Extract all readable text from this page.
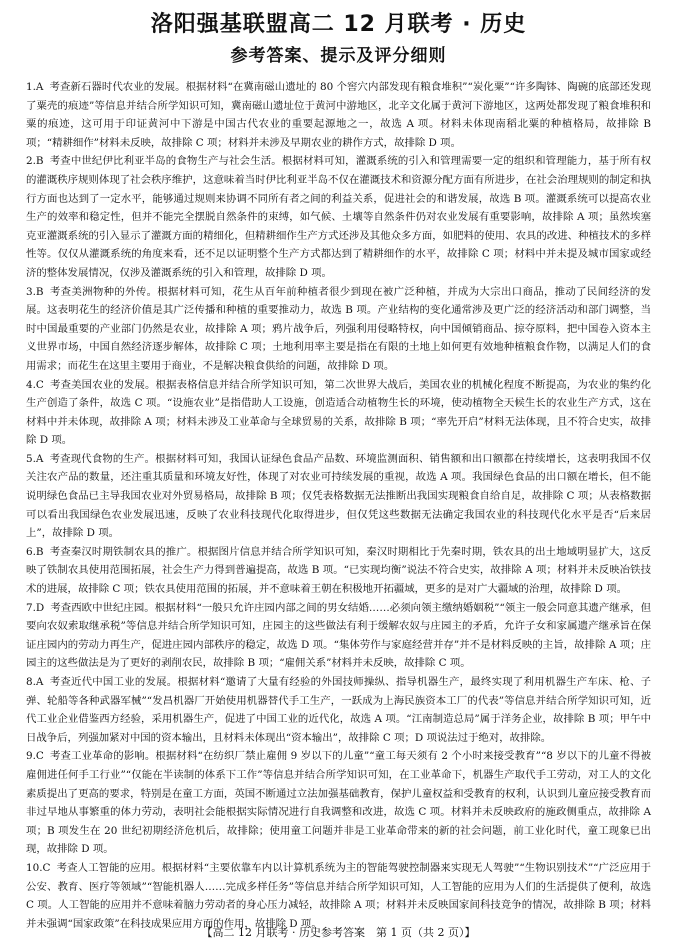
洛阳强基联盟高二 12 月联考 · 历史
参考答案、提示及评分细则

1.A 考查新石器时代农业的发展。根据材料“在冀南磁山遗址的 80 个窖穴内部发现有粮食堆积”“炭化粟”“许多陶钵、陶碗的底部还发现了粟壳的痕迹”等信息并结合所学知识可知，冀南磁山遗址位于黄河中游地区，北辛文化属于黄河下游地区，这两处都发现了粮食堆积和粟的痕迹，这可用于印证黄河中下游是中国古代农业的重要起源地之一，故选 A 项。材料未体现南稻北粟的种植格局，故排除 B 项；“精耕细作”材料未反映，故排除 C 项；材料并未涉及早期农业的耕作方式，故排除 D 项。

2.B 考查中世纪伊比利亚半岛的食物生产与社会生活。根据材料可知，灌溉系统的引入和管理需要一定的组织和管理能力，基于所有权的灌溉秩序规则体现了社会秩序维护，这意味着当时伊比利亚半岛不仅在灌溉技术和资源分配方面有所进步，在社会治理规则的制定和执行方面也达到了一定水平，能够通过规则来协调不同所有者之间的利益关系，促进社会的和谐发展，故选 B 项。灌溉系统可以提高农业生产的效率和稳定性，但并不能完全摆脱自然条件的束缚，如气候、土壤等自然条件仍对农业发展有重要影响，故排除 A 项；虽然埃塞克亚灌溉系统的引入显示了灌溉方面的精细化，但精耕细作生产方式还涉及其他众多方面，如肥料的使用、农具的改进、种植技术的多样性等。仅仅从灌溉系统的角度来看，还不足以证明整个生产方式都达到了精耕细作的水平，故排除 C 项；材料中并未提及城市国家或经济的整体发展情况，仅涉及灌溉系统的引入和管理，故排除 D 项。

3.B 考查美洲物种的外传。根据材料可知，花生从百年前种植者很少到现在被广泛种植，并成为大宗出口商品，推动了民间经济的发展。这表明花生的经济价值是其广泛传播和种植的重要推动力，故选 B 项。产业结构的变化通常涉及更广泛的经济活动和部门调整，当时中国最重要的产业部门仍然是农业，故排除 A 项；鸦片战争后，列强利用侵略特权，向中国倾销商品、掠夺原料，把中国卷入资本主义世界市场，中国自然经济逐步解体，故排除 C 项；土地利用率主要是指在有限的土地上如何更有效地种植粮食作物，以满足人们的食用需求；而花生在这里主要用于商业，不是解决粮食供给的问题，故排除 D 项。

4.C 考查美国农业的发展。根据表格信息并结合所学知识可知，第二次世界大战后，美国农业的机械化程度不断提高，为农业的集约化生产创造了条件，故选 C 项。“设施农业”是指借助人工设施，创造适合动植物生长的环境，使动植物全天候生长的农业生产方式，这在材料中并未体现，故排除 A 项；材料未涉及工业革命与全球贸易的关系，故排除 B 项；“率先开启”材料无法体现，且不符合史实，故排除 D 项。

5.A 考查现代食物的生产。根据材料可知，我国认证绿色食品产品数、环境监测面积、销售额和出口额都在持续增长，这表明我国不仅关注农产品的数量，还注重其质量和环境友好性，体现了对农业可持续发展的重视，故选 A 项。我国绿色食品的出口额在增长，但不能说明绿色食品已主导我国农业对外贸易格局，故排除 B 项；仅凭表格数据无法推断出我国实现粮食自给自足，故排除 C 项；从表格数据可以看出我国绿色农业发展迅速，反映了农业科技现代化取得进步，但仅凭这些数据无法确定我国农业的科技现代化水平是否“后来居上”，故排除 D 项。

6.B 考查秦汉时期铁制农具的推广。根据图片信息并结合所学知识可知，秦汉时期相比于先秦时期，铁农具的出土地域明显扩大，这反映了铁制农具使用范围拓展，社会生产力得到普遍提高，故选 B 项。“已实现均衡”说法不符合史实，故排除 A 项；材料并未反映冶铁技术的进展，故排除 C 项；铁农具使用范围的拓展，并不意味着王朝在积极地开拓疆域，更多的是对广大疆域的治理，故排除 D 项。

7.D 考查西欧中世纪庄园。根据材料“一般只允许庄园内部之间的男女结婚……必须向领主缴纳婚姻税”“领主一般会同意其遗产继承，但要向农奴索取继承税”等信息并结合所学知识可知，庄园主的这些做法有利于缓解农奴与庄园主的矛盾，允许子女和家属遗产继承旨在保证庄园内的劳动力再生产，促进庄园内部秩序的稳定，故选 D 项。“集体劳作与家庭经营并存”并不是材料反映的主旨，故排除 A 项；庄园主的这些做法是为了更好的剥削农民，故排除 B 项；“雇佣关系”材料并未反映，故排除 C 项。

8.A 考查近代中国工业的发展。根据材料“邀请了大量有经验的外国技师操纵、指导机器生产，最终实现了利用机器生产车床、枪、子弹、轮船等各种武器军械”“发昌机器厂开始使用机器替代手工生产，一跃成为上海民族资本工厂的代表”等信息并结合所学知识可知，近代工业企业借鉴西方经验，采用机器生产，促进了中国工业的近代化，故选 A 项。“江南制造总局”属于洋务企业，故排除 B 项；甲午中日战争后，列强加紧对中国的资本输出，且材料未体现出“资本输出”，故排除 C 项；D 项说法过于绝对，故排除。

9.C 考查工业革命的影响。根据材料“在纺织厂禁止雇佣 9 岁以下的儿童”“童工每天须有 2 个小时来接受教育”“8 岁以下的儿童不得被雇佣进任何手工行业”“仅能在半读制的体系下工作”等信息并结合所学知识可知，在工业革命下，机器生产取代手工劳动，对工人的文化素质提出了更高的要求，特别是在童工方面，英国不断通过立法加强基础教育，保护儿童权益和受教育的权利，认识到儿童应接受教育而非过早地从事繁重的体力劳动，表明社会能根据实际情况进行自我调整和改进，故选 C 项。材料并未反映政府的施政侧重点，故排除 A 项；B 项发生在 20 世纪初期经济危机后，故排除；使用童工问题并非是工业革命带来的新的社会问题，前工业化时代，童工现象已出现，故排除 D 项。

10.C 考查人工智能的应用。根据材料“主要依靠车内以计算机系统为主的智能驾驶控制器来实现无人驾驶”“生物识别技术”“广泛应用于公安、教育、医疗等领域”“智能机器人……完成多样任务”等信息并结合所学知识可知，人工智能的应用为人们的生活提供了便利，故选 C 项。人工智能的应用并不意味着脑力劳动者的身心压力减轻，故排除 A 项；材料并未反映国家间科技竞争的情况，故排除 B 项；材料并未强调“国家政策”在科技成果应用方面的作用，故排除 D 项。

【高二 12 月联考 · 历史参考答案　第 1 页（共 2 页）】
